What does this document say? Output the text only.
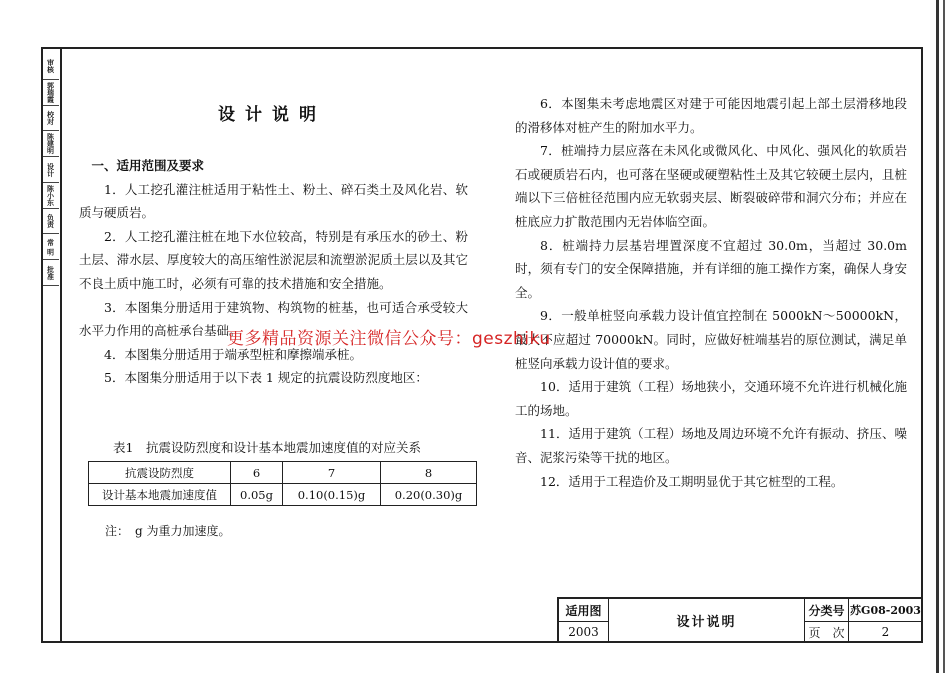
审核
郭瑞霞
校对
陈建明
设计
陈小东
负责
常 明
批准
设计说明

一、适用范围及要求

1．人工挖孔灌注桩适用于粘性土、粉土、碎石类土及风化岩、软质与硬质岩。

2．人工挖孔灌注桩在地下水位较高，特别是有承压水的砂土、粉土层、滞水层、厚度较大的高压缩性淤泥层和流塑淤泥质土层以及其它不良土质中施工时，必须有可靠的技术措施和安全措施。

3．本图集分册适用于建筑物、构筑物的桩基，也可适合承受较大水平力作用的高桩承台基础。

4．本图集分册适用于端承型桩和摩擦端承桩。

5．本图集分册适用于以下表 1 规定的抗震设防烈度地区：

表1　抗震设防烈度和设计基本地震加速度值的对应关系
抗震设防烈度	6	7	8
设计基本地震加速度值	0.05g	0.10(0.15)g	0.20(0.30)g
注：　g 为重力加速度。

6．本图集未考虑地震区对建于可能因地震引起上部土层滑移地段的滑移体对桩产生的附加水平力。

7．桩端持力层应落在未风化或微风化、中风化、强风化的软质岩石或硬质岩石内，也可落在坚硬或硬塑粘性土及其它较硬土层内，且桩端以下三倍桩径范围内应无软弱夹层、断裂破碎带和洞穴分布；并应在桩底应力扩散范围内无岩体临空面。

8．桩端持力层基岩埋置深度不宜超过 30.0m，当超过 30.0m 时，须有专门的安全保障措施，并有详细的施工操作方案，确保人身安全。

9．一般单桩竖向承载力设计值宜控制在 5000kN～50000kN，最大不应超过 70000kN。同时，应做好桩端基岩的原位测试，满足单桩竖向承载力设计值的要求。

10．适用于建筑（工程）场地狭小，交通环境不允许进行机械化施工的场地。

11．适用于建筑（工程）场地及周边环境不允许有振动、挤压、噪音、泥浆污染等干扰的地区。

12．适用于工程造价及工期明显优于其它桩型的工程。

更多精品资源关注微信公众号：geszhiku
适用图
2003
设计说明
分类号 苏G08-2003
页　次	2
